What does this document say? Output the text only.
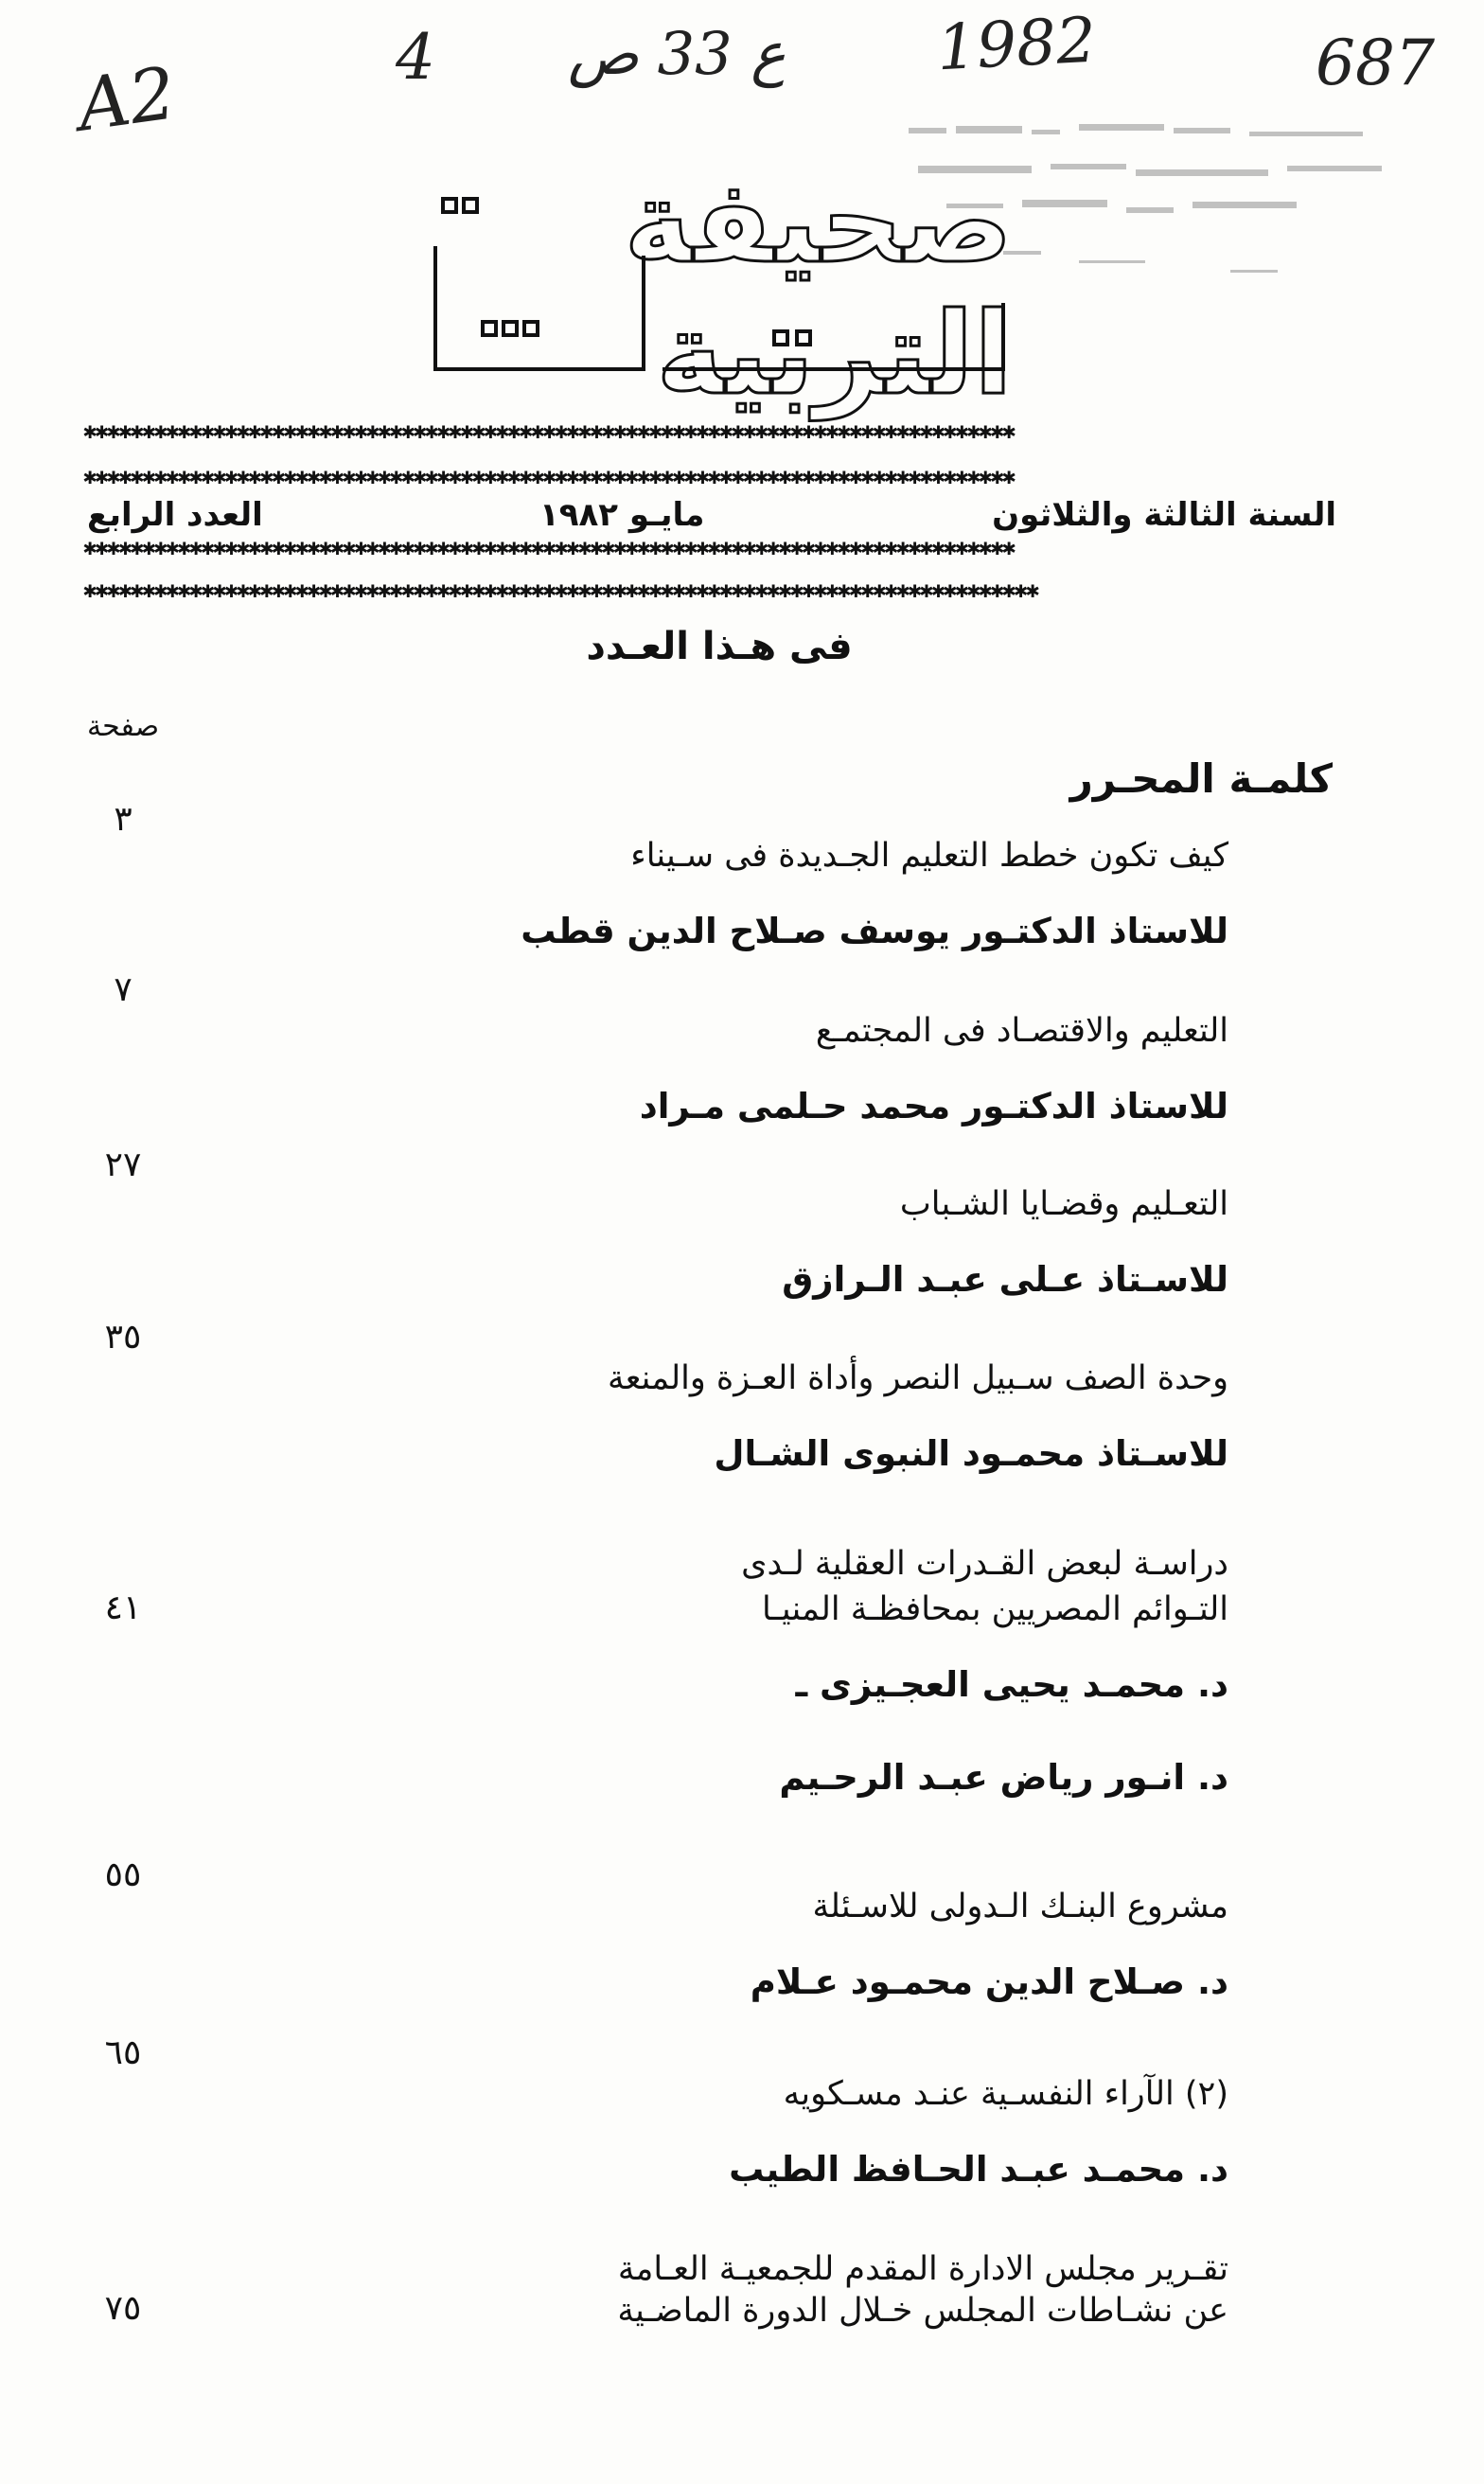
A2	4 ع 33 ص 1982	687
صحيفة التربية
✱✱✱✱✱✱✱✱✱✱✱✱✱✱✱✱✱✱✱✱✱✱✱✱✱✱✱✱✱✱✱✱✱✱✱✱✱✱✱✱✱✱✱✱✱✱✱✱✱✱✱✱✱✱✱✱✱✱✱✱✱✱✱✱✱✱✱✱✱✱✱✱✱✱✱✱✱✱✱
✱✱✱✱✱✱✱✱✱✱✱✱✱✱✱✱✱✱✱✱✱✱✱✱✱✱✱✱✱✱✱✱✱✱✱✱✱✱✱✱✱✱✱✱✱✱✱✱✱✱✱✱✱✱✱✱✱✱✱✱✱✱✱✱✱✱✱✱✱✱✱✱✱✱✱✱✱✱✱
السنة الثالثة والثلاثون
مايـو ١٩٨٢
العدد الرابع
✱✱✱✱✱✱✱✱✱✱✱✱✱✱✱✱✱✱✱✱✱✱✱✱✱✱✱✱✱✱✱✱✱✱✱✱✱✱✱✱✱✱✱✱✱✱✱✱✱✱✱✱✱✱✱✱✱✱✱✱✱✱✱✱✱✱✱✱✱✱✱✱✱✱✱✱✱✱✱
✱✱✱✱✱✱✱✱✱✱✱✱✱✱✱✱✱✱✱✱✱✱✱✱✱✱✱✱✱✱✱✱✱✱✱✱✱✱✱✱✱✱✱✱✱✱✱✱✱✱✱✱✱✱✱✱✱✱✱✱✱✱✱✱✱✱✱✱✱✱✱✱✱✱✱✱✱✱✱✱✱
فى هـذا العـدد
صفحة
كلمـة المحـرر
كيف تكون خطط التعليم الجـديدة فى سـيناء
للاستاذ الدكتـور يوسف صـلاح الدين قطب
٣
التعليم والاقتصـاد فى المجتمـع
للاستاذ الدكتـور محمد حـلمى مـراد
٧
التعـليم وقضـايا الشـباب
للاسـتاذ عـلى عبـد الـرازق
٢٧
وحدة الصف سـبيل النصر وأداة العـزة والمنعة
للاسـتاذ محمـود النبوى الشـال
٣٥
دراسـة لبعض القـدرات العقلية لـدى
التـوائم المصريين بمحافظـة المنيـا
د. محمـد يحيى العجـيزى ـ
د. انـور رياض عبـد الرحـيم
٤١
مشروع البنـك الـدولى للاسـئلة
د. صـلاح الدين محمـود عـلام
٥٥
(٢) الآراء النفسـية عنـد مسـكويه
د. محمـد عبـد الحـافظ الطيب
٦٥
تقـرير مجلس الادارة المقدم للجمعيـة العـامة
عن نشـاطات المجلس خـلال الدورة الماضـية
٧٥
